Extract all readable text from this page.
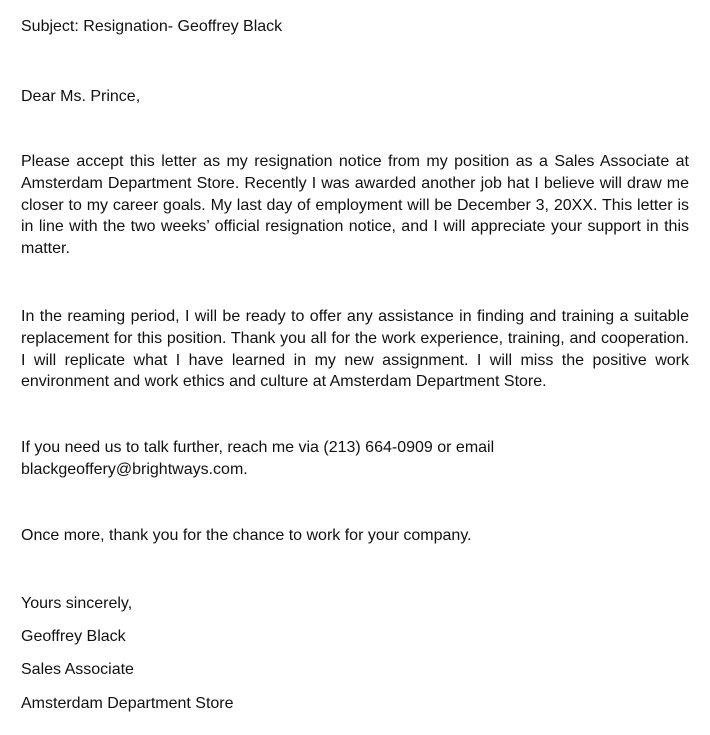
Subject: Resignation- Geoffrey Black

Dear Ms. Prince,

Please accept this letter as my resignation notice from my position as a Sales Associate at Amsterdam Department Store. Recently I was awarded another job hat I believe will draw me closer to my career goals. My last day of employment will be December 3, 20XX. This letter is in line with the two weeks’ official resignation notice, and I will appreciate your support in this matter.

In the reaming period, I will be ready to offer any assistance in finding and training a suitable replacement for this position. Thank you all for the work experience, training, and cooperation. I will replicate what I have learned in my new assignment. I will miss the positive work environment and work ethics and culture at Amsterdam Department Store.

If you need us to talk further, reach me via (213) 664-0909 or email
blackgeoffery@brightways.com.

Once more, thank you for the chance to work for your company.

Yours sincerely,

Geoffrey Black

Sales Associate

Amsterdam Department Store
